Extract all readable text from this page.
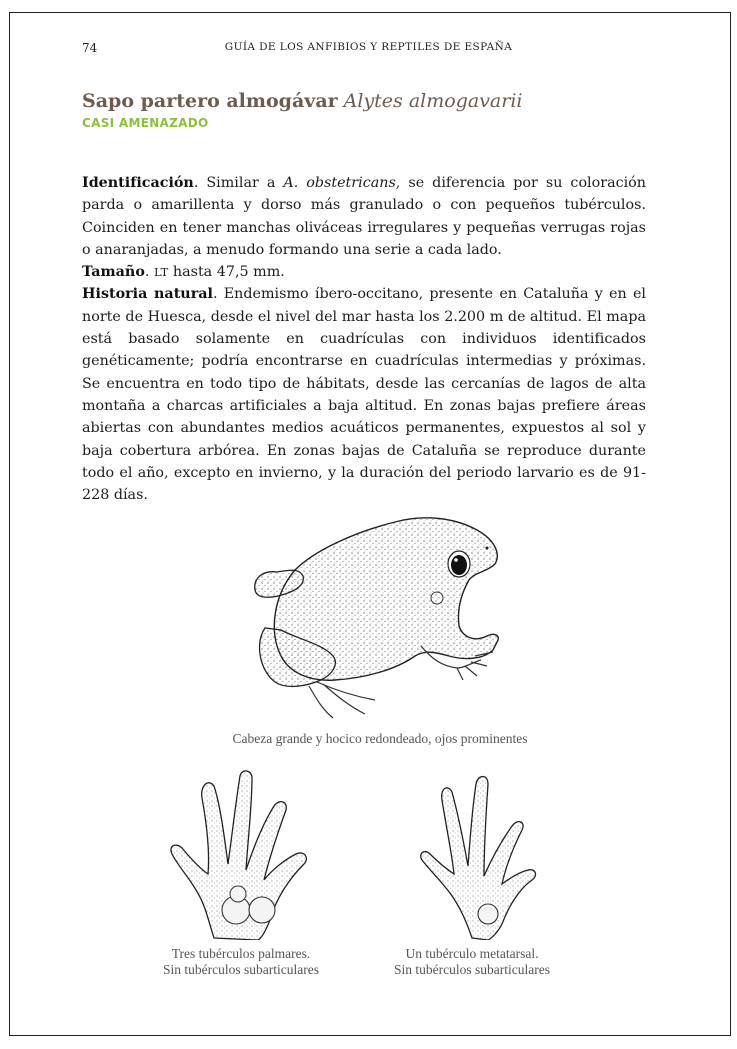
74	GUÍA DE LOS ANFIBIOS Y REPTILES DE ESPAÑA
Sapo partero almogávar Alytes almogavarii
CASI AMENAZADO

Identificación. Similar a A. obstetricans, se diferencia por su coloración parda o amarillenta y dorso más granulado o con pequeños tubérculos. Coinciden en tener manchas oliváceas irregulares y pequeñas verrugas rojas o anaranjadas, a menudo formando una serie a cada lado.

Tamaño. LT hasta 47,5 mm.

Historia natural. Endemismo íbero-occitano, presente en Cataluña y en el norte de Huesca, desde el nivel del mar hasta los 2.200 m de altitud. El mapa está basado solamente en cuadrículas con individuos identificados genéticamente; podría encontrarse en cuadrículas intermedias y próximas. Se encuentra en todo tipo de hábitats, desde las cercanías de lagos de alta montaña a charcas artificiales a baja altitud. En zonas bajas prefiere áreas abiertas con abundantes medios acuáticos permanentes, expuestos al sol y baja cobertura arbórea. En zonas bajas de Cataluña se reproduce durante todo el año, excepto en invierno, y la duración del periodo larvario es de 91-228 días.

Cabeza grande y hocico redondeado, ojos prominentes
Tres tubérculos palmares.
Sin tubérculos subarticulares
Un tubérculo metatarsal.
Sin tubérculos subarticulares
